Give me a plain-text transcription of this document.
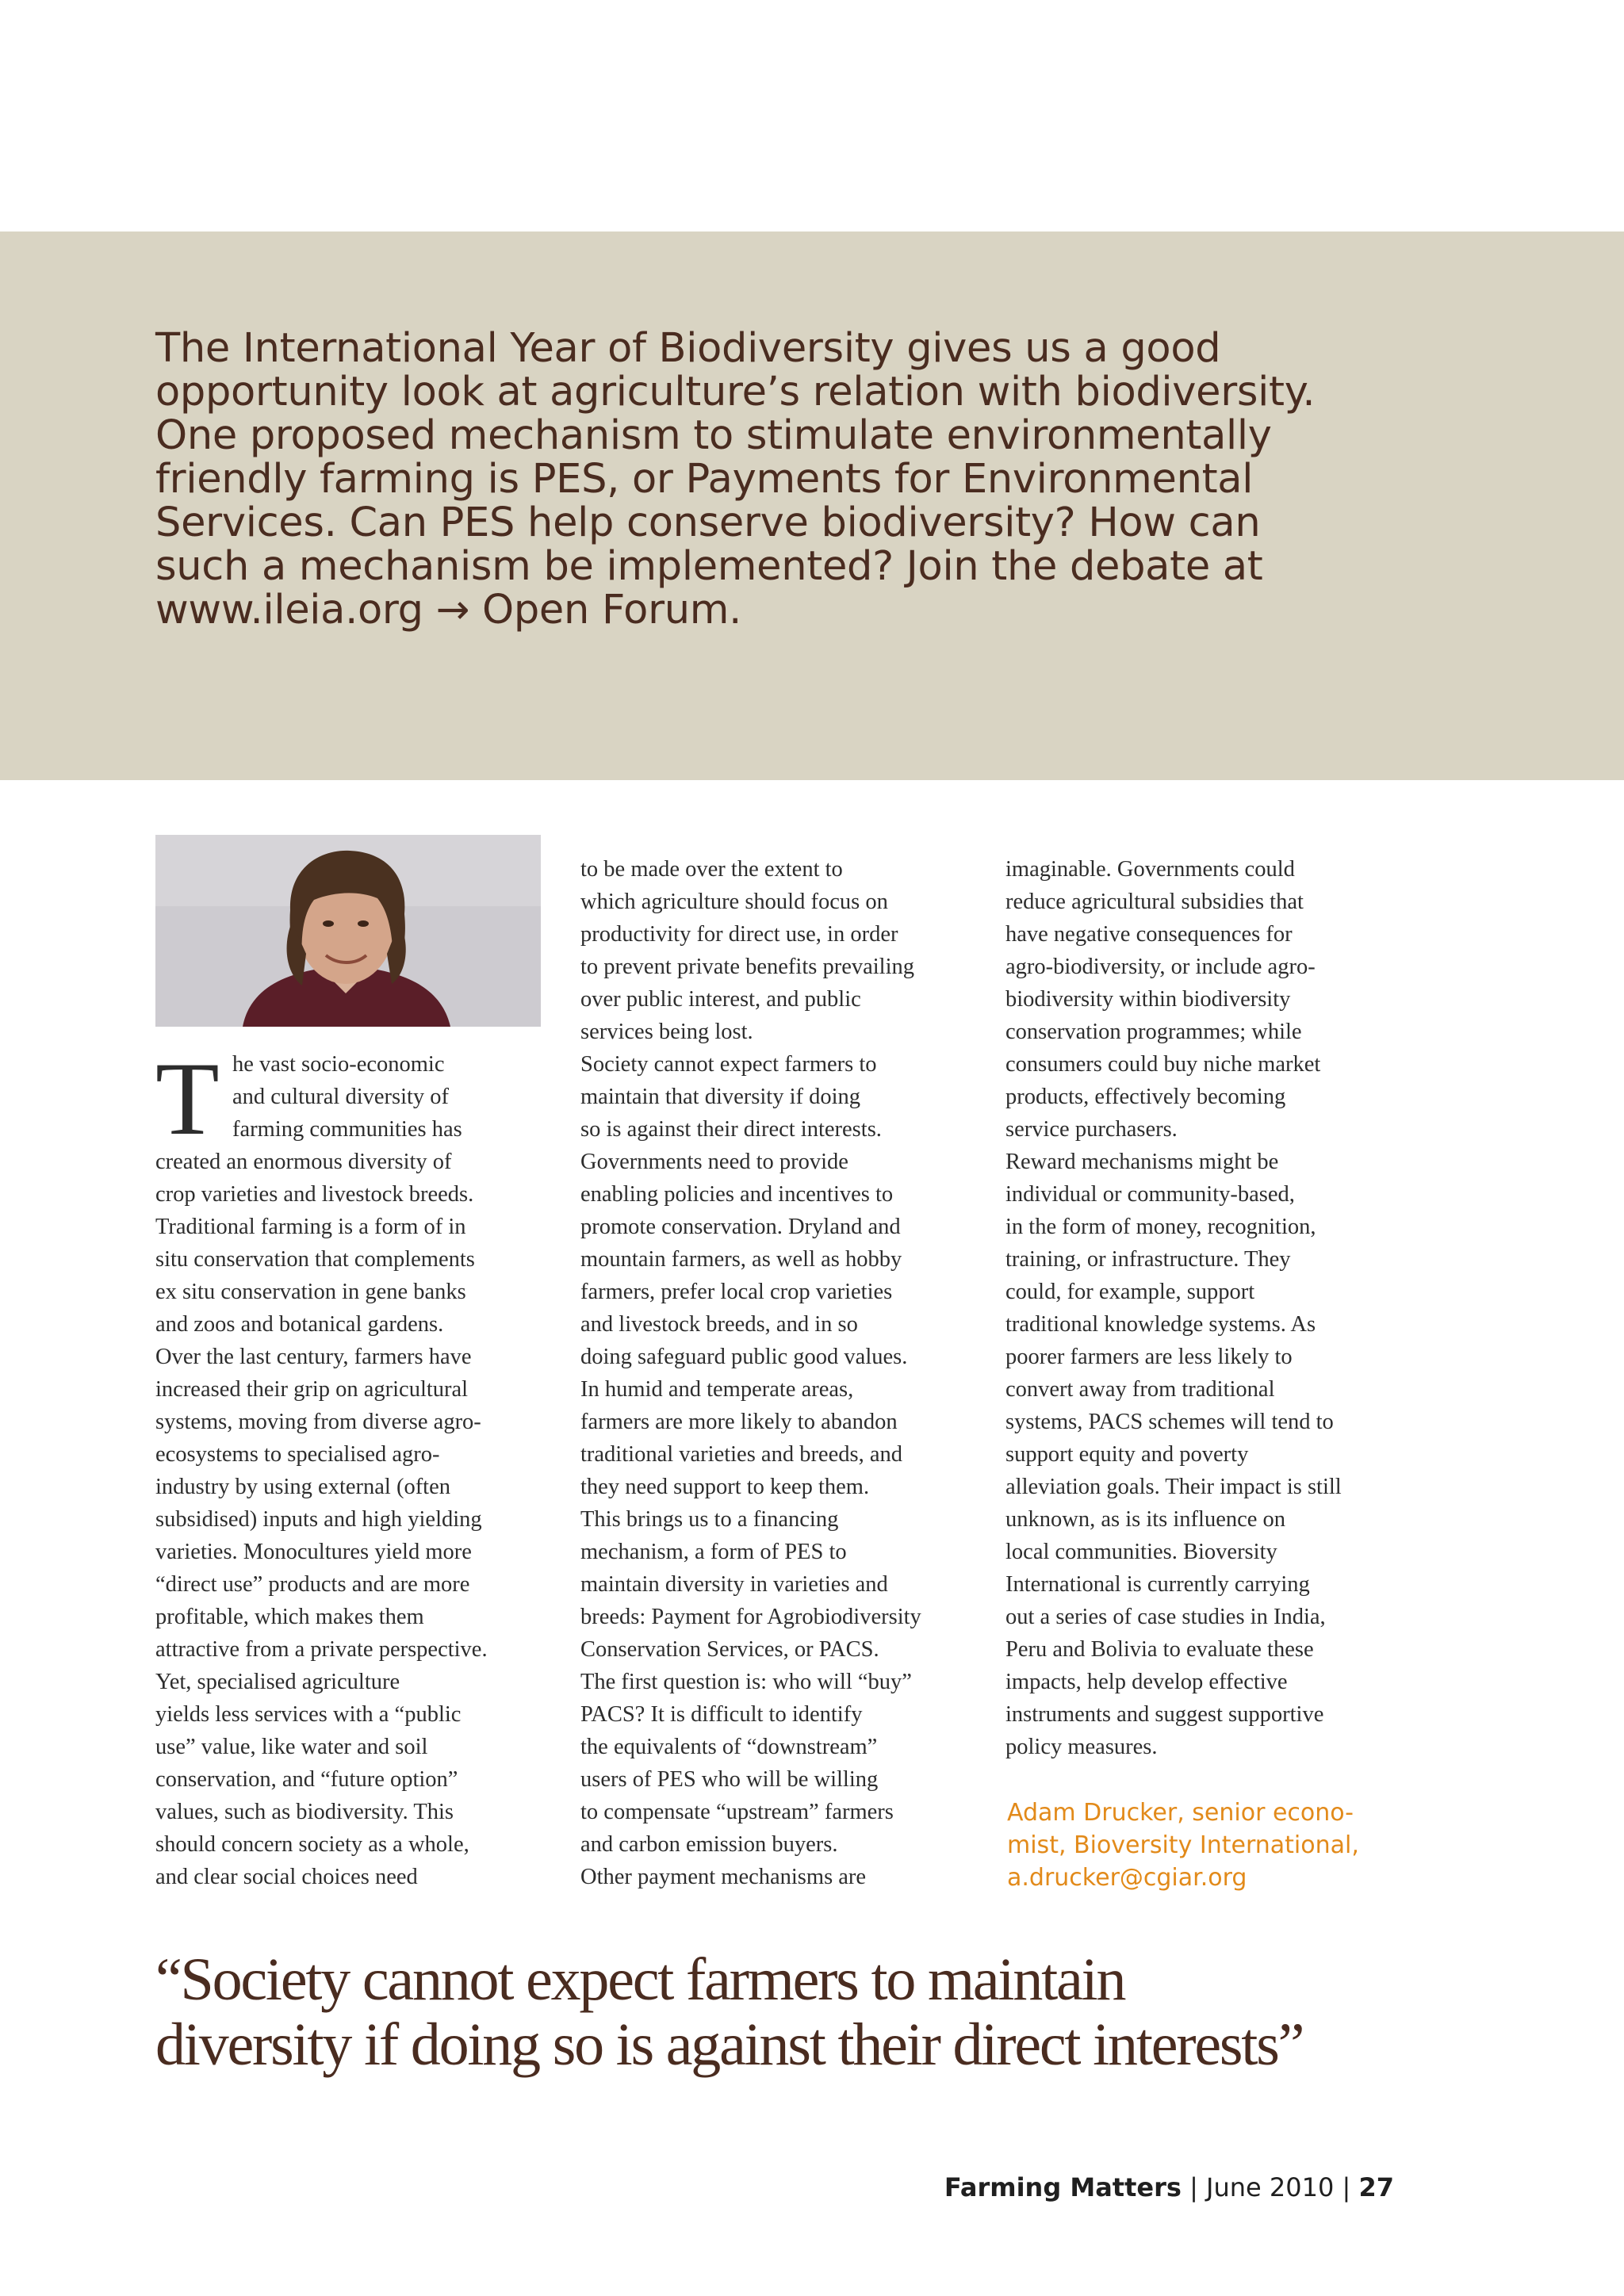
The International Year of Biodiversity gives us a good
opportunity look at agriculture’s relation with biodiversity.
One proposed mechanism to stimulate environmentally
friendly farming is PES, or Payments for Environmental
Services. Can PES help conserve biodiversity? How can
such a mechanism be implemented? Join the debate at
www.ileia.org → Open Forum.
T he vast socio-economic
and cultural diversity of
farming communities has
created an enormous diversity of
crop varieties and livestock breeds.
Traditional farming is a form of in
situ conservation that complements
ex situ conservation in gene banks
and zoos and botanical gardens.
Over the last century, farmers have
increased their grip on agricultural
systems, moving from diverse agro-
ecosystems to specialised agro-
industry by using external (often
subsidised) inputs and high yielding
varieties. Monocultures yield more
“direct use” products and are more
profitable, which makes them
attractive from a private perspective.
Yet, specialised agriculture
yields less services with a “public
use” value, like water and soil
conservation, and “future option”
values, such as biodiversity. This
should concern society as a whole,
and clear social choices need
to be made over the extent to
which agriculture should focus on
productivity for direct use, in order
to prevent private benefits prevailing
over public interest, and public
services being lost.
Society cannot expect farmers to
maintain that diversity if doing
so is against their direct interests.
Governments need to provide
enabling policies and incentives to
promote conservation. Dryland and
mountain farmers, as well as hobby
farmers, prefer local crop varieties
and livestock breeds, and in so
doing safeguard public good values.
In humid and temperate areas,
farmers are more likely to abandon
traditional varieties and breeds, and
they need support to keep them.
This brings us to a financing
mechanism, a form of PES to
maintain diversity in varieties and
breeds: Payment for Agrobiodiversity
Conservation Services, or PACS.
The first question is: who will “buy”
PACS? It is difficult to identify
the equivalents of “downstream”
users of PES who will be willing
to compensate “upstream” farmers
and carbon emission buyers.
Other payment mechanisms are
imaginable. Governments could
reduce agricultural subsidies that
have negative consequences for
agro-biodiversity, or include agro-
biodiversity within biodiversity
conservation programmes; while
consumers could buy niche market
products, effectively becoming
service purchasers.
Reward mechanisms might be
individual or community-based,
in the form of money, recognition,
training, or infrastructure. They
could, for example, support
traditional knowledge systems. As
poorer farmers are less likely to
convert away from traditional
systems, PACS schemes will tend to
support equity and poverty
alleviation goals. Their impact is still
unknown, as is its influence on
local communities. Bioversity
International is currently carrying
out a series of case studies in India,
Peru and Bolivia to evaluate these
impacts, help develop effective
instruments and suggest supportive
policy measures.
Adam Drucker, senior econo-
mist, Bioversity International,
a.drucker@cgiar.org
“Society cannot expect farmers to maintain
diversity if doing so is against their direct interests”
Farming Matters | June 2010 | 27
